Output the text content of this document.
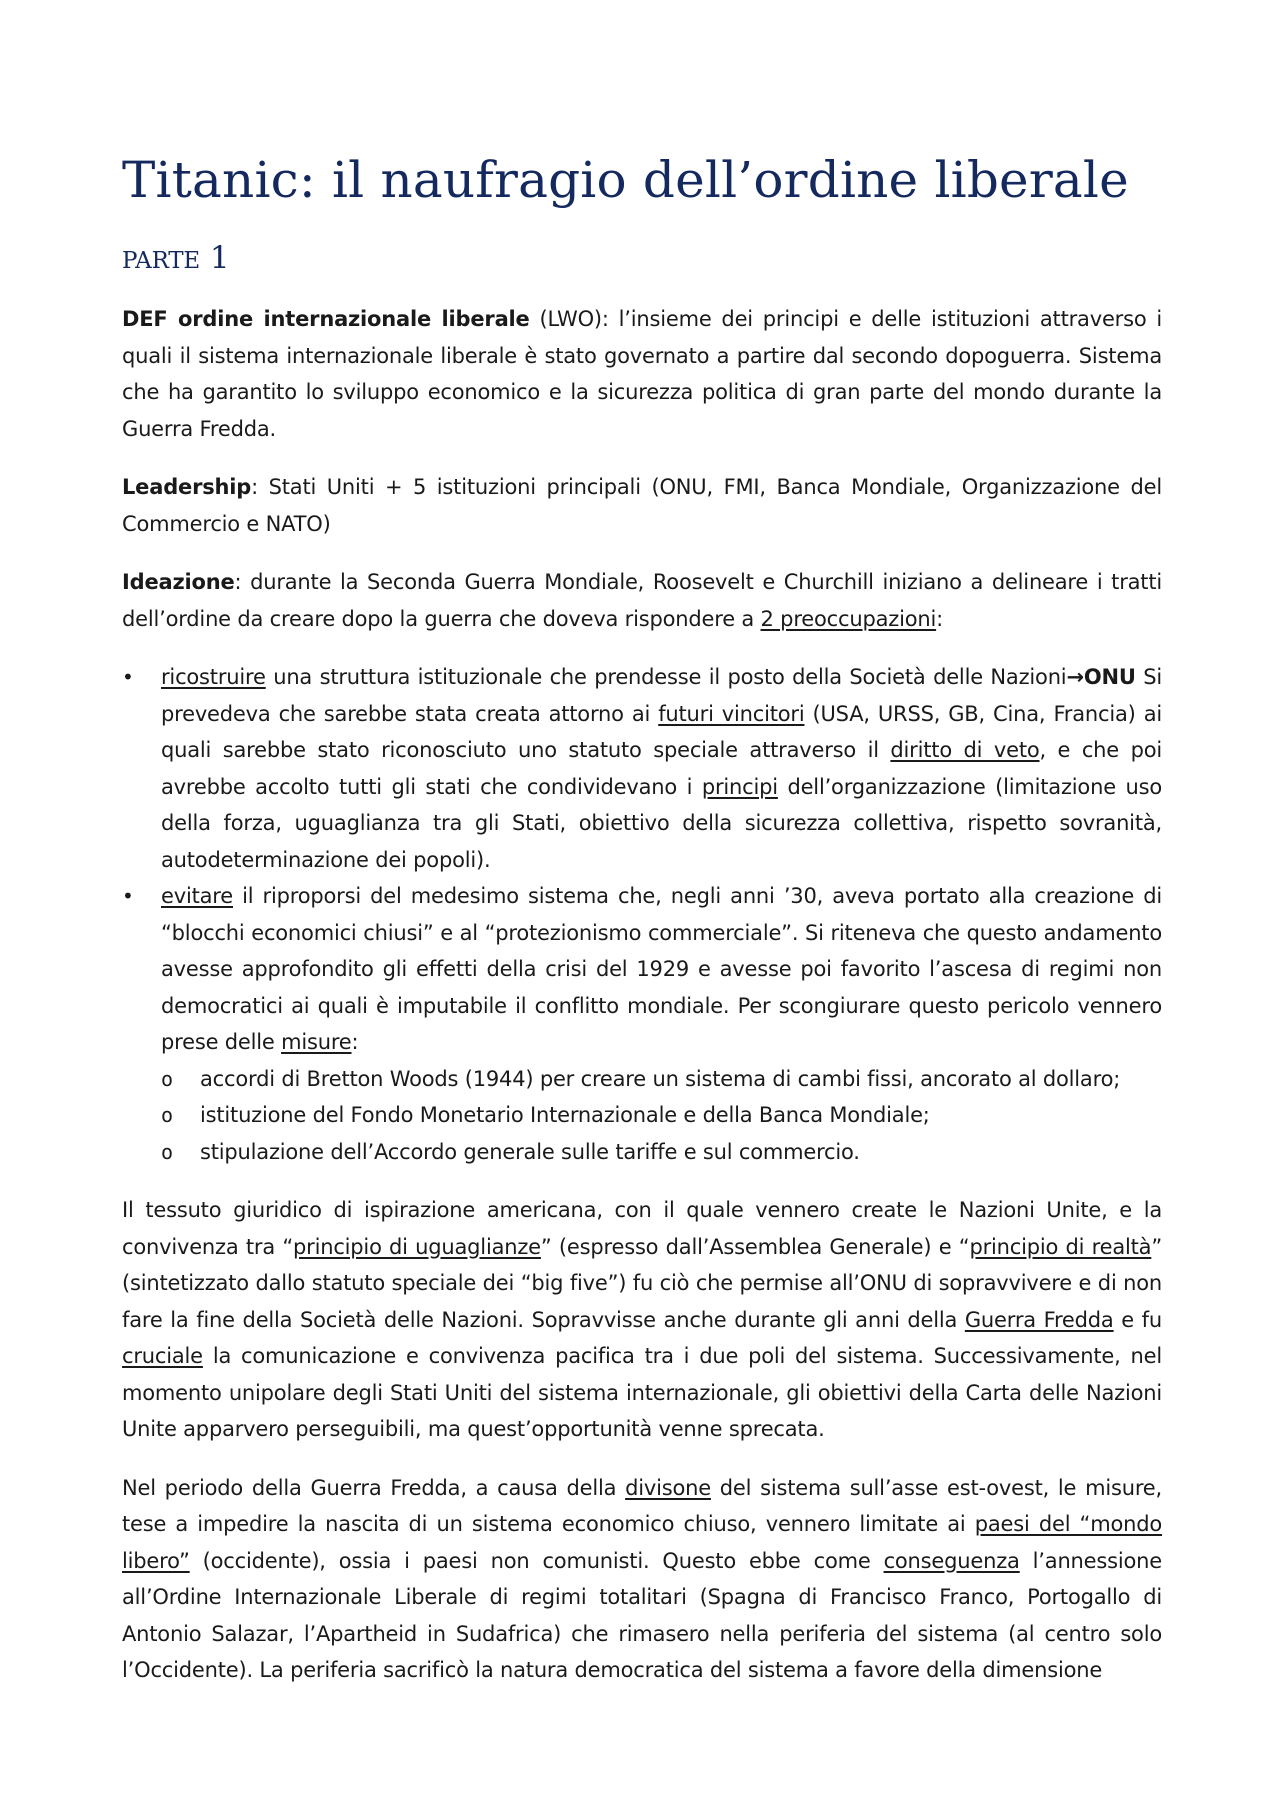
Titanic: il naufragio dell’ordine liberale
PARTE 1

DEF ordine internazionale liberale (LWO): l’insieme dei principi e delle istituzioni attraverso i quali il sistema internazionale liberale è stato governato a partire dal secondo dopoguerra. Sistema che ha garantito lo sviluppo economico e la sicurezza politica di gran parte del mondo durante la Guerra Fredda.

Leadership: Stati Uniti + 5 istituzioni principali (ONU, FMI, Banca Mondiale, Organizzazione del Commercio e NATO)

Ideazione: durante la Seconda Guerra Mondiale, Roosevelt e Churchill iniziano a delineare i tratti dell’ordine da creare dopo la guerra che doveva rispondere a 2 preoccupazioni:

• ricostruire una struttura istituzionale che prendesse il posto della Società delle Nazioni→ONU Si prevedeva che sarebbe stata creata attorno ai futuri vincitori (USA, URSS, GB, Cina, Francia) ai quali sarebbe stato riconosciuto uno statuto speciale attraverso il diritto di veto, e che poi avrebbe accolto tutti gli stati che condividevano i principi dell’organizzazione (limitazione uso della forza, uguaglianza tra gli Stati, obiettivo della sicurezza collettiva, rispetto sovranità, autodeterminazione dei popoli).
• evitare il riproporsi del medesimo sistema che, negli anni ’30, aveva portato alla creazione di “blocchi economici chiusi” e al “protezionismo commerciale”. Si riteneva che questo andamento avesse approfondito gli effetti della crisi del 1929 e avesse poi favorito l’ascesa di regimi non democratici ai quali è imputabile il conflitto mondiale. Per scongiurare questo pericolo vennero prese delle misure:
o accordi di Bretton Woods (1944) per creare un sistema di cambi fissi, ancorato al dollaro;
o istituzione del Fondo Monetario Internazionale e della Banca Mondiale;
o stipulazione dell’Accordo generale sulle tariffe e sul commercio.

Il tessuto giuridico di ispirazione americana, con il quale vennero create le Nazioni Unite, e la convivenza tra “principio di uguaglianze” (espresso dall’Assemblea Generale) e “principio di realtà” (sintetizzato dallo statuto speciale dei “big five”) fu ciò che permise all’ONU di sopravvivere e di non fare la fine della Società delle Nazioni. Sopravvisse anche durante gli anni della Guerra Fredda e fu cruciale la comunicazione e convivenza pacifica tra i due poli del sistema. Successivamente, nel momento unipolare degli Stati Uniti del sistema internazionale, gli obiettivi della Carta delle Nazioni Unite apparvero perseguibili, ma quest’opportunità venne sprecata.

Nel periodo della Guerra Fredda, a causa della divisone del sistema sull’asse est-ovest, le misure, tese a impedire la nascita di un sistema economico chiuso, vennero limitate ai paesi del “mondo libero” (occidente), ossia i paesi non comunisti. Questo ebbe come conseguenza l’annessione all’Ordine Internazionale Liberale di regimi totalitari (Spagna di Francisco Franco, Portogallo di Antonio Salazar, l’Apartheid in Sudafrica) che rimasero nella periferia del sistema (al centro solo l’Occidente). La periferia sacrificò la natura democratica del sistema a favore della dimensione
